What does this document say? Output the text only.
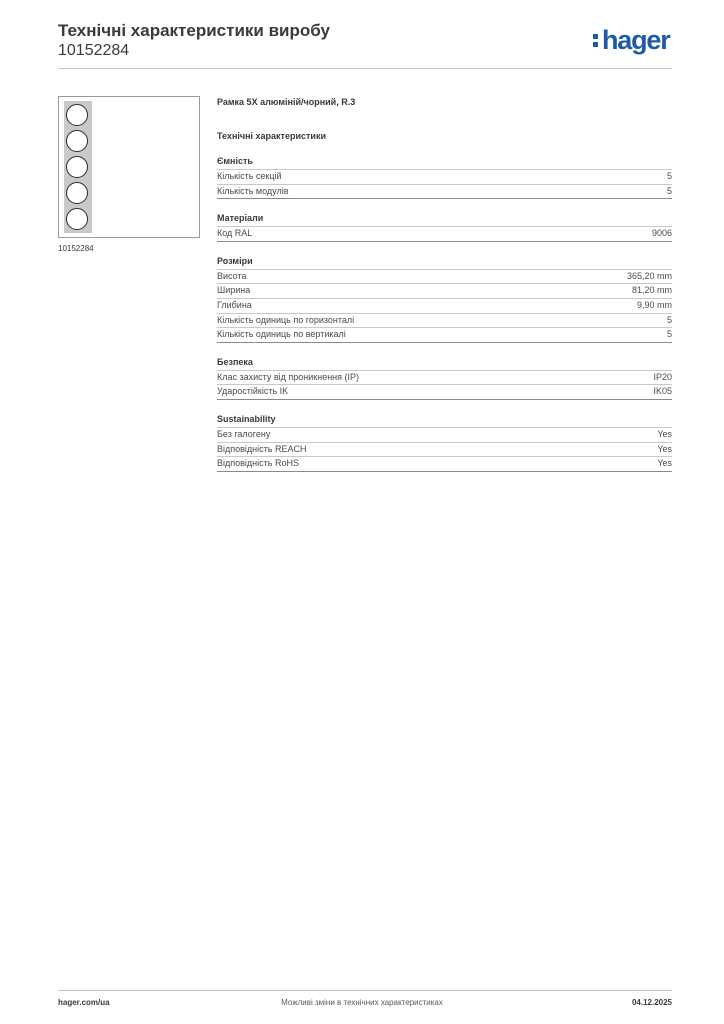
Технічні характеристики виробу
10152284	hager
10152284
Рамка 5Х алюміній/чорний, R.3
Технічні характеристики
Ємність
Кількість секцій	5
Кількість модулів	5
Матеріали
Код RAL	9006
Розміри
Висота	365,20 mm
Ширина	81,20 mm
Глибина	9,90 mm
Кількість одиниць по горизонталі	5
Кількість одиниць по вертикалі	5
Безпека
Клас захисту від проникнення (IP)	IP20
Ударостійкість IK	IK05
Sustainability
Без галогену	Yes
Відповідність REACH	Yes
Відповідність RoHS	Yes
hager.com/ua	Можливі зміни в технічних характеристиках	04.12.2025
